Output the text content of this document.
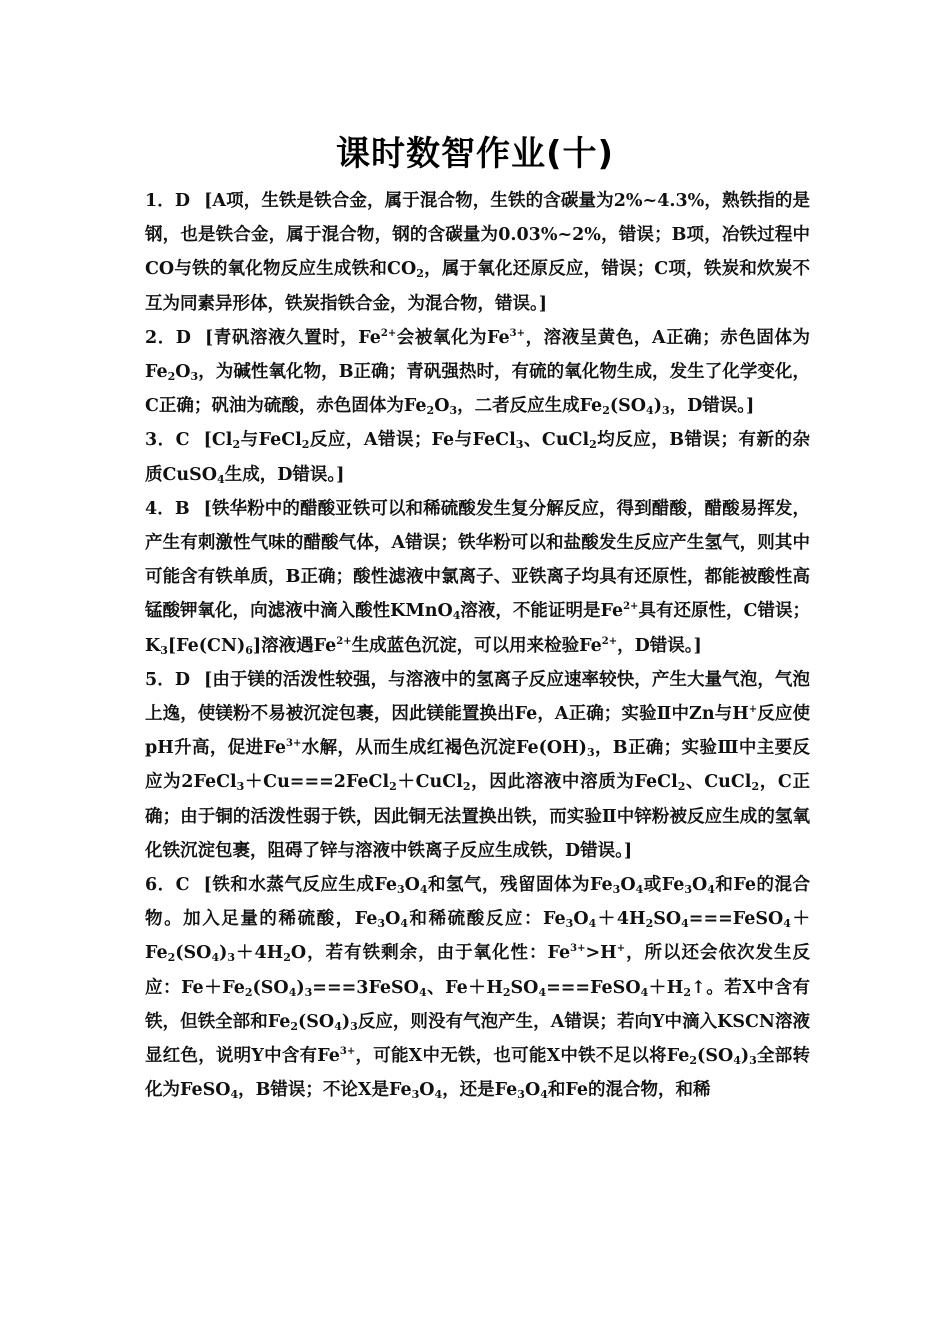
课时数智作业(十)

1．D [A项，生铁是铁合金，属于混合物，生铁的含碳量为2%~4.3%，熟铁指的是钢，也是铁合金，属于混合物，钢的含碳量为0.03%~2%，错误；B项，冶铁过程中CO与铁的氧化物反应生成铁和$CO_2$，属于氧化还原反应，错误；C项，铁炭和炊炭不互为同素异形体，铁炭指铁合金，为混合物，错误。]

2．D [青矾溶液久置时，$Fe^{2+}$会被氧化为$Fe^{3+}$，溶液呈黄色，A正确；赤色固体为$Fe_2O_3$，为碱性氧化物，B正确；青矾强热时，有硫的氧化物生成，发生了化学变化，C正确；矾油为硫酸，赤色固体为$Fe_2O_3$，二者反应生成$Fe_2(SO_4)_3$，D错误。]

3．C [$Cl_2$与FeCl$_2$反应，A错误；Fe与FeCl$_3$、CuCl$_2$均反应，B错误；有新的杂质CuSO$_4$生成，D错误。]

4．B [铁华粉中的醋酸亚铁可以和稀硫酸发生复分解反应，得到醋酸，醋酸易挥发，产生有刺激性气味的醋酸气体，A错误；铁华粉可以和盐酸发生反应产生氢气，则其中可能含有铁单质，B正确；酸性滤液中氯离子、亚铁离子均具有还原性，都能被酸性高锰酸钾氧化，向滤液中滴入酸性KMnO$_4$溶液，不能证明是$Fe^{2+}$具有还原性，C错误；$K_3[Fe(CN)_6]$溶液遇$Fe^{2+}$生成蓝色沉淀，可以用来检验$Fe^{2+}$，D错误。]

5．D [由于镁的活泼性较强，与溶液中的氢离子反应速率较快，产生大量气泡，气泡上逸，使镁粉不易被沉淀包裹，因此镁能置换出Fe，A正确；实验Ⅱ中Zn与H+反应使pH升高，促进$Fe^{3+}$水解，从而生成红褐色沉淀$Fe(OH)_3$，B正确；实验Ⅲ中主要反应为2FeCl$_3$＋Cu===2FeCl$_2$＋CuCl$_2$，因此溶液中溶质为FeCl$_2$、CuCl$_2$，C正确；由于铜的活泼性弱于铁，因此铜无法置换出铁，而实验Ⅱ中锌粉被反应生成的氢氧化铁沉淀包裹，阻碍了锌与溶液中铁离子反应生成铁，D错误。]

6．C [铁和水蒸气反应生成$Fe_3O_4$和氢气，残留固体为$Fe_3O_4$或$Fe_3O_4$和Fe的混合物。加入足量的稀硫酸，$Fe_3O_4$和稀硫酸反应：$Fe_3O_4+4H_2SO_4===FeSO_4+Fe_2(SO_4)_3+4H_2O$，若有铁剩余，由于氧化性：$Fe^{3+}>H^+$，所以还会依次发生反应：$Fe+Fe_2(SO_4)_3===3FeSO_4$、$Fe+H_2SO_4===FeSO_4+H_2↑$。若X中含有铁，但铁全部和$Fe_2(SO_4)_3$反应，则没有气泡产生，A错误；若向Y中滴入KSCN溶液显红色，说明Y中含有$Fe^{3+}$，可能X中无铁，也可能X中铁不足以将$Fe_2(SO_4)_3$全部转化为FeSO$_4$，B错误；不论X是$Fe_3O_4$，还是$Fe_3O_4$和Fe的混合物，和稀
